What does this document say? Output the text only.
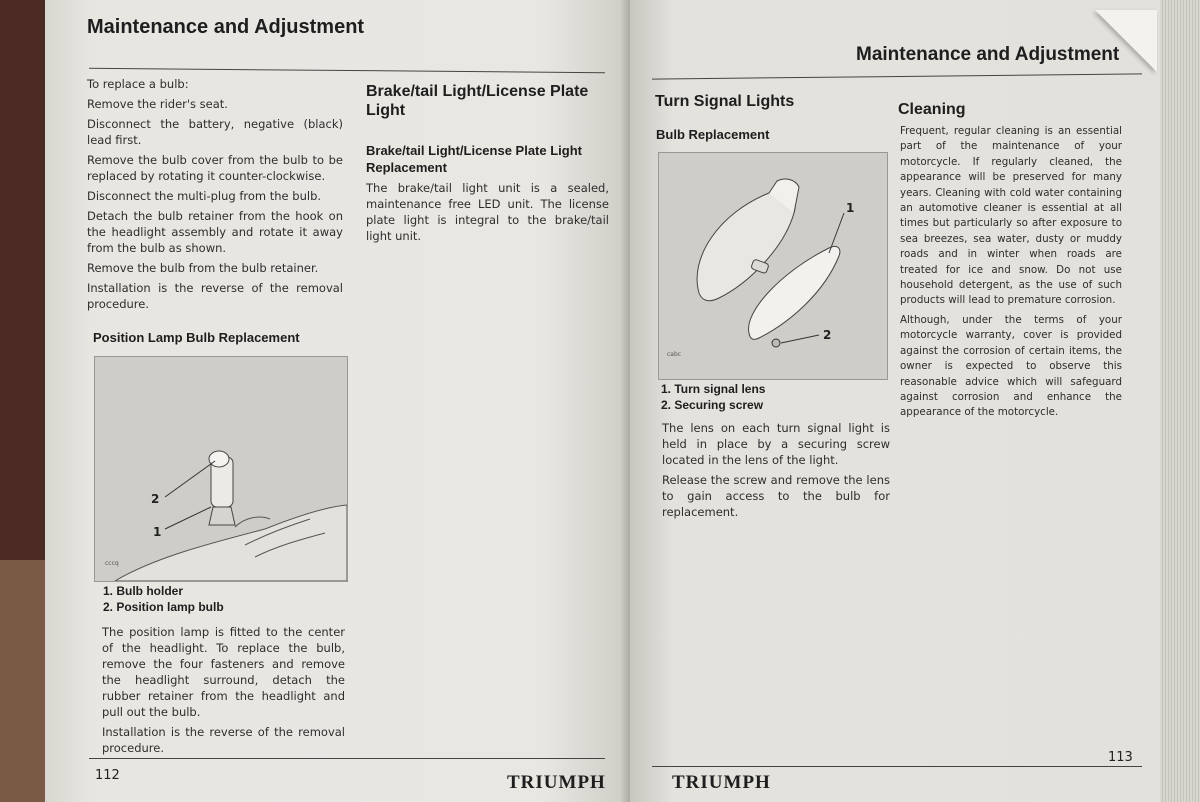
Maintenance and Adjustment

To replace a bulb:

Remove the rider's seat.

Disconnect the battery, negative (black) lead first.

Remove the bulb cover from the bulb to be replaced by rotating it counter-clockwise.

Disconnect the multi-plug from the bulb.

Detach the bulb retainer from the hook on the headlight assembly and rotate it away from the bulb as shown.

Remove the bulb from the bulb retainer.

Installation is the reverse of the removal procedure.

Position Lamp Bulb Replacement
2
1
cccq
1. Bulb holder
2. Position lamp bulb

The position lamp is fitted to the center of the headlight. To replace the bulb, remove the four fasteners and remove the headlight surround, detach the rubber retainer from the headlight and pull out the bulb.

Installation is the reverse of the removal procedure.

Brake/tail Light/License Plate Light
Brake/tail Light/License Plate Light Replacement

The brake/tail light unit is a sealed, maintenance free LED unit. The license plate light is integral to the brake/tail light unit.

112	TRIUMPH
Maintenance and Adjustment
Turn Signal Lights
Bulb Replacement
1
2
cabc
1. Turn signal lens
2. Securing screw

The lens on each turn signal light is held in place by a securing screw located in the lens of the light.

Release the screw and remove the lens to gain access to the bulb for replacement.

Cleaning

Frequent, regular cleaning is an essential part of the maintenance of your motorcycle. If regularly cleaned, the appearance will be preserved for many years. Cleaning with cold water containing an automotive cleaner is essential at all times but particularly so after exposure to sea breezes, sea water, dusty or muddy roads and in winter when roads are treated for ice and snow. Do not use household detergent, as the use of such products will lead to premature corrosion.

Although, under the terms of your motorcycle warranty, cover is provided against the corrosion of certain items, the owner is expected to observe this reasonable advice which will safeguard against corrosion and enhance the appearance of the motorcycle.

113
TRIUMPH
